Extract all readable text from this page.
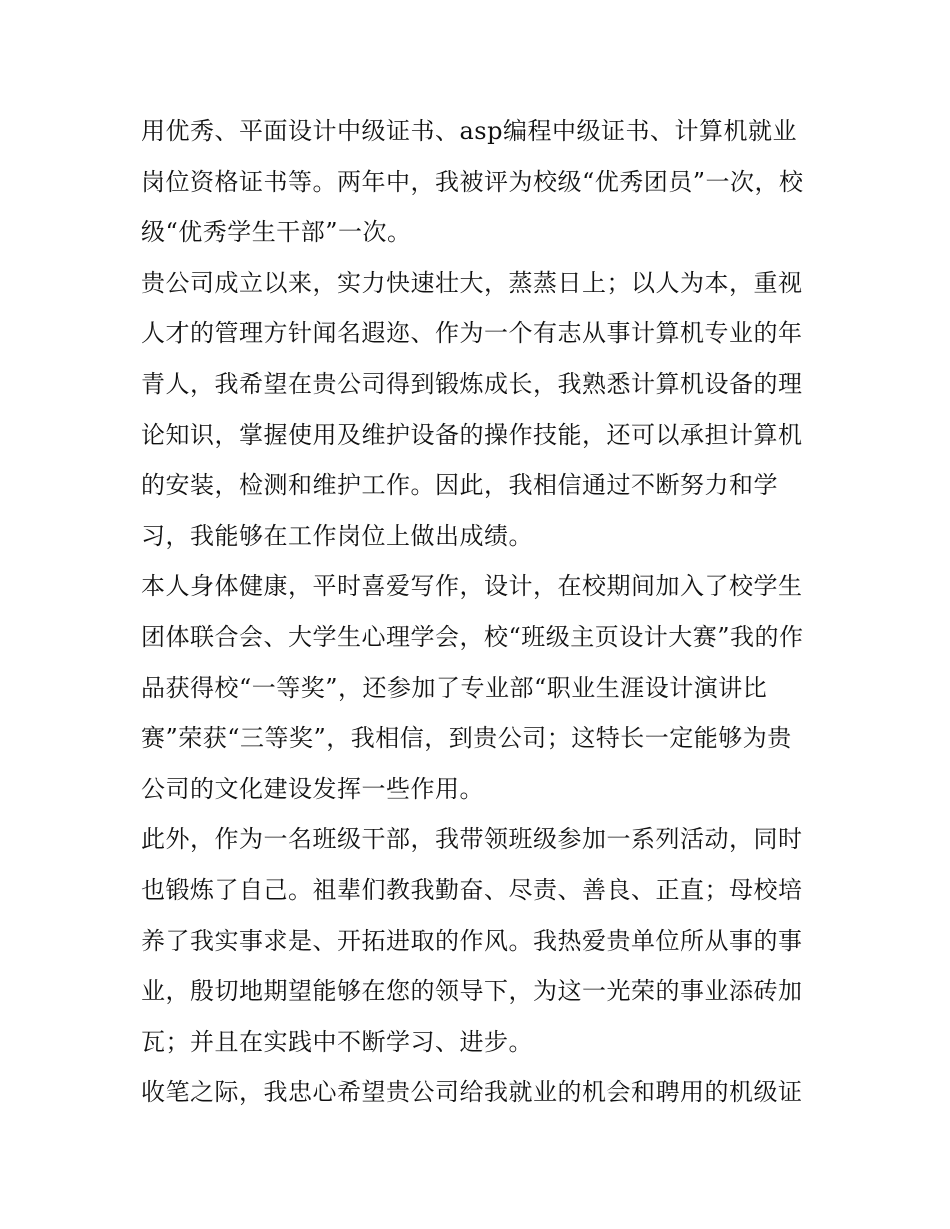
用优秀、平面设计中级证书、asp编程中级证书、计算机就业
岗位资格证书等。两年中，我被评为校级“优秀团员”一次，校
级“优秀学生干部”一次。
贵公司成立以来，实力快速壮大，蒸蒸日上；以人为本，重视
人才的管理方针闻名遐迩、作为一个有志从事计算机专业的年
青人，我希望在贵公司得到锻炼成长，我熟悉计算机设备的理
论知识，掌握使用及维护设备的操作技能，还可以承担计算机
的安装，检测和维护工作。因此，我相信通过不断努力和学
习，我能够在工作岗位上做出成绩。
本人身体健康，平时喜爱写作，设计，在校期间加入了校学生
团体联合会、大学生心理学会，校“班级主页设计大赛”我的作
品获得校“一等奖”，还参加了专业部“职业生涯设计演讲比
赛”荣获“三等奖”，我相信，到贵公司；这特长一定能够为贵
公司的文化建设发挥一些作用。
此外，作为一名班级干部，我带领班级参加一系列活动，同时
也锻炼了自己。祖辈们教我勤奋、尽责、善良、正直；母校培
养了我实事求是、开拓进取的作风。我热爱贵单位所从事的事
业，殷切地期望能够在您的领导下，为这一光荣的事业添砖加
瓦；并且在实践中不断学习、进步。
收笔之际，我忠心希望贵公司给我就业的机会和聘用的机级证
